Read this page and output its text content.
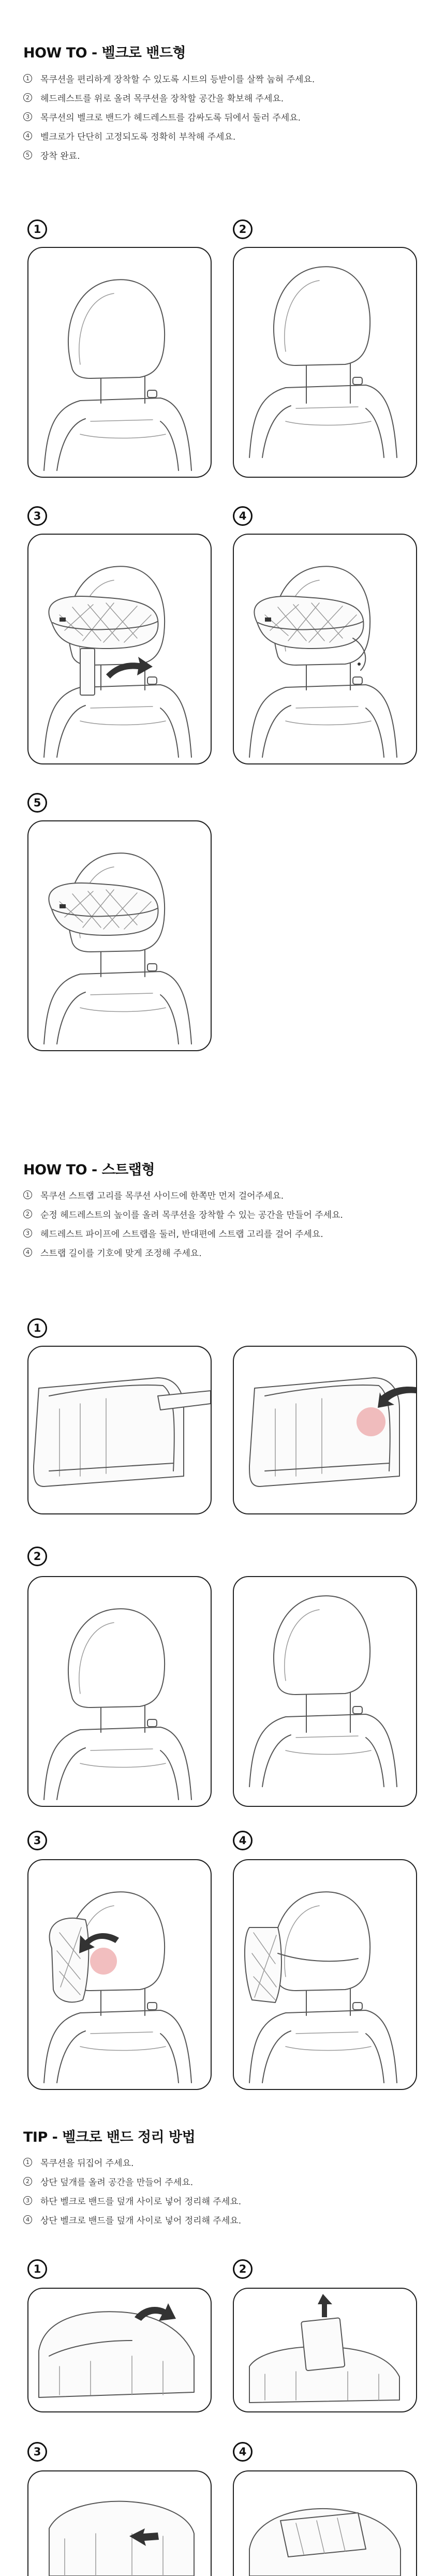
HOW TO - 벨크로 밴드형
1 목쿠션을 편리하게 장착할 수 있도록 시트의 등받이를 살짝 눕혀 주세요.
2 헤드레스트를 위로 올려 목쿠션을 장착할 공간을 확보해 주세요.
3 목쿠션의 벨크로 밴드가 헤드레스트를 감싸도록 뒤에서 둘러 주세요.
4 벨크로가 단단히 고정되도록 정확히 부착해 주세요.
5 장착 완료.
1	2
3	4
5
HOW TO - 스트랩형
1 목쿠션 스트랩 고리를 목쿠션 사이드에 한쪽만 먼저 걸어주세요.
2 순정 헤드레스트의 높이를 올려 목쿠션을 장착할 수 있는 공간을 만들어 주세요.
3 헤드레스트 파이프에 스트랩을 둘러, 반대편에 스트랩 고리를 걸어 주세요.
4 스트랩 길이를 기호에 맞게 조정해 주세요.
1
2
3	4
TIP - 벨크로 밴드 정리 방법
1 목쿠션을 뒤집어 주세요.
2 상단 덮개를 올려 공간을 만들어 주세요.
3 하단 벨크로 밴드를 덮개 사이로 넣어 정리해 주세요.
4 상단 벨크로 밴드를 덮개 사이로 넣어 정리해 주세요.
1	2
3	4
